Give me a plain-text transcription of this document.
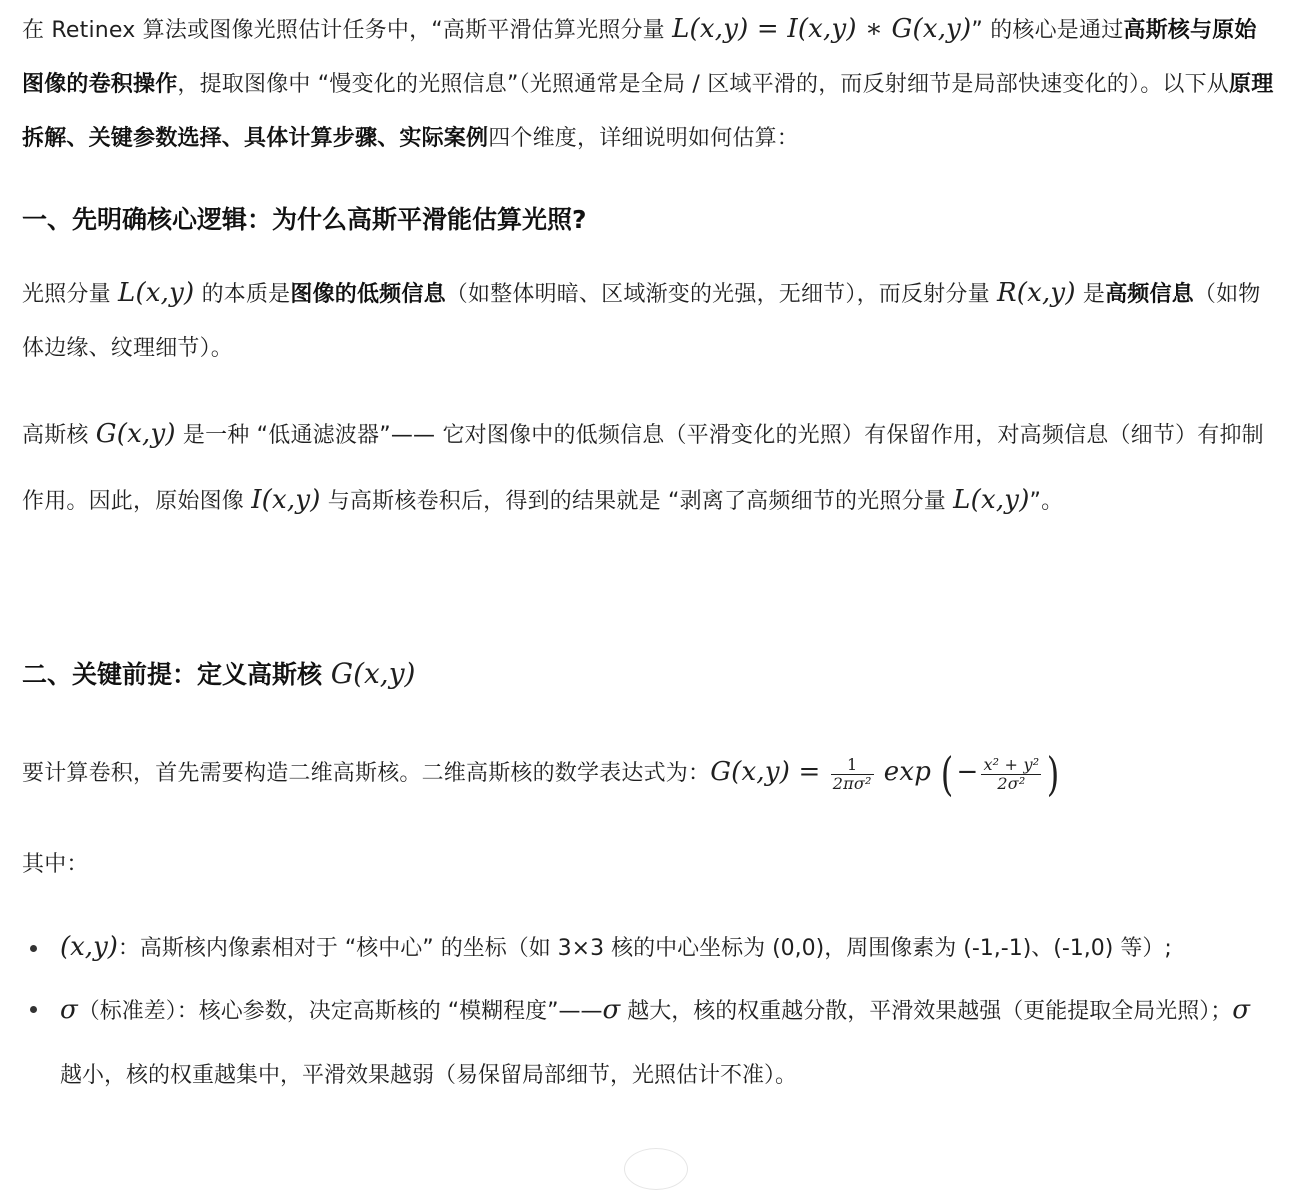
在 Retinex 算法或图像光照估计任务中，“高斯平滑估算光照分量 L(x,y) = I(x,y) ∗ G(x,y)” 的核心是通过高斯核与原始图像的卷积操作，提取图像中 “慢变化的光照信息”（光照通常是全局 / 区域平滑的，而反射细节是局部快速变化的）。以下从原理拆解、关键参数选择、具体计算步骤、实际案例四个维度，详细说明如何估算：

一、先明确核心逻辑：为什么高斯平滑能估算光照?

光照分量 L(x,y) 的本质是图像的低频信息（如整体明暗、区域渐变的光强，无细节），而反射分量 R(x,y) 是高频信息（如物体边缘、纹理细节）。

高斯核 G(x,y) 是一种 “低通滤波器”—— 它对图像中的低频信息（平滑变化的光照）有保留作用，对高频信息（细节）有抑制作用。因此，原始图像 I(x,y) 与高斯核卷积后，得到的结果就是 “剥离了高频细节的光照分量 L(x,y)”。

二、关键前提：定义高斯核 G(x,y)

要计算卷积，首先需要构造二维高斯核。二维高斯核的数学表达式为：$G(x,y) = \frac{1}{\text{2πσ²}}$ exp ( − $\frac{\text{x² + y²}}{\text{2σ²}}$ )

其中：

(x,y)：高斯核内像素相对于 “核中心” 的坐标（如 3×3 核的中心坐标为 (0,0)，周围像素为 (-1,-1)、(-1,0) 等）;
σ（标准差）：核心参数，决定高斯核的 “模糊程度”——σ 越大，核的权重越分散，平滑效果越强（更能提取全局光照）；σ 越小，核的权重越集中，平滑效果越弱（易保留局部细节，光照估计不准）。
